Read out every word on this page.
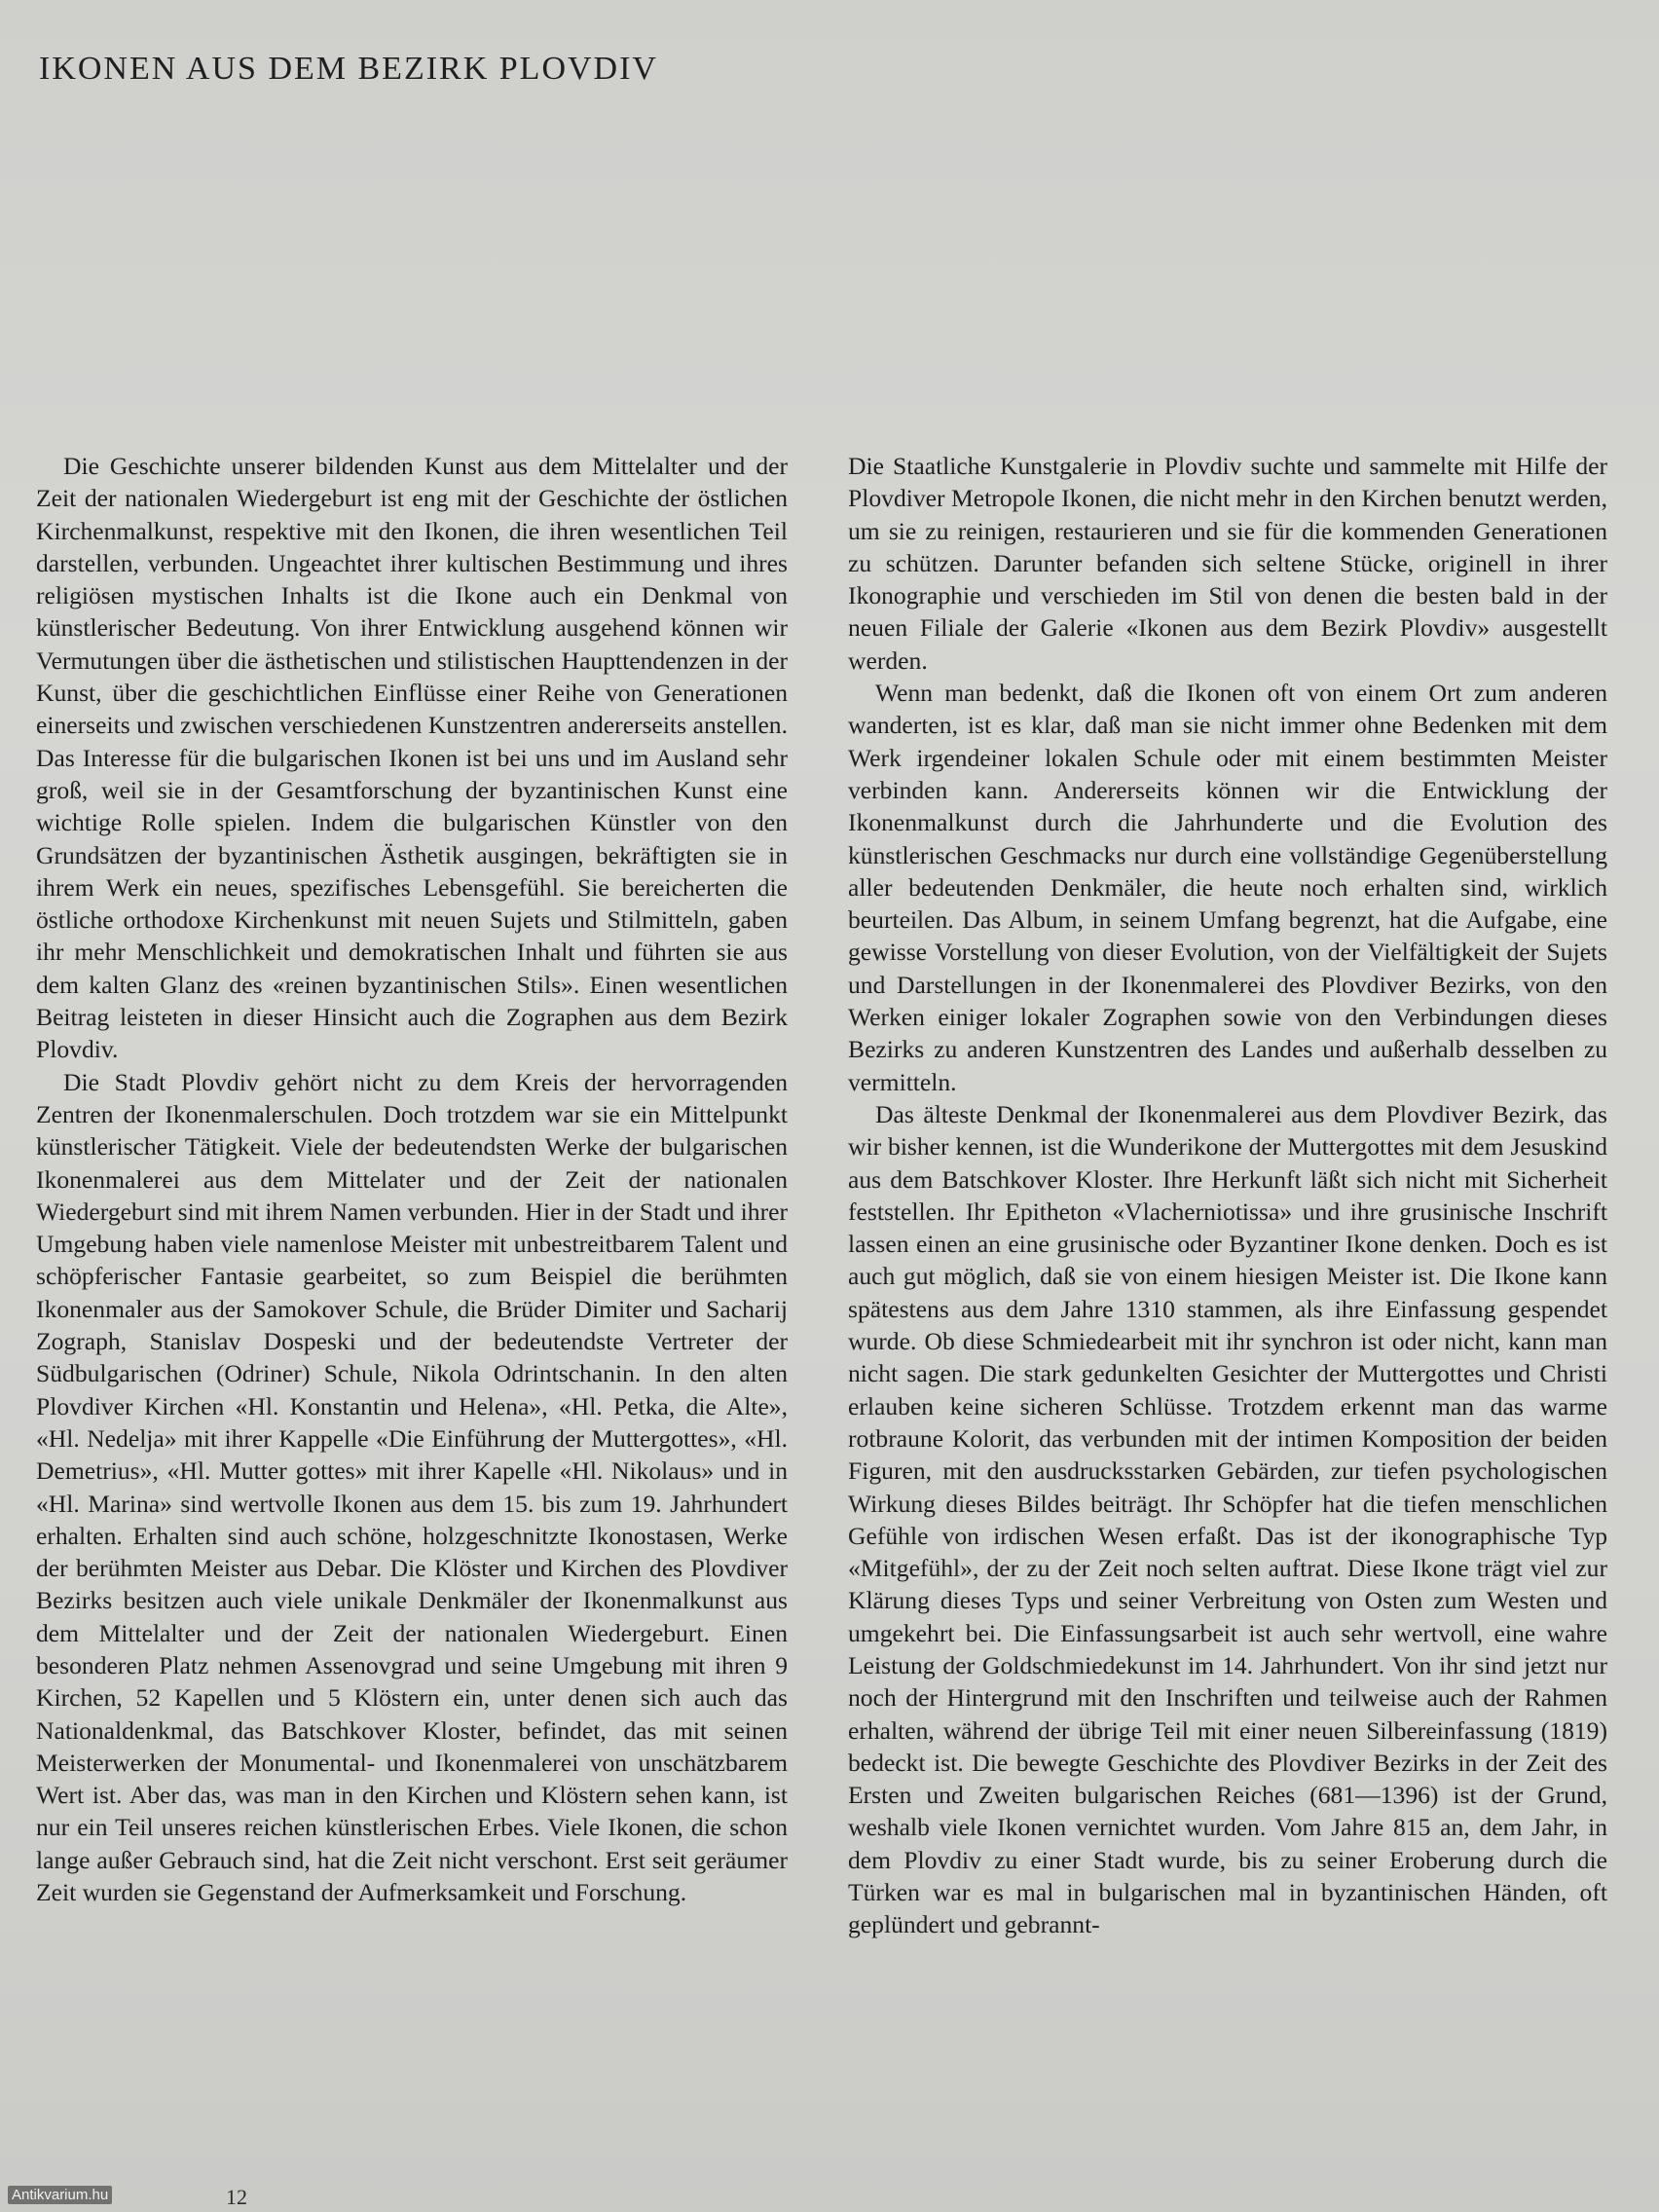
IKONEN AUS DEM BEZIRK PLOVDIV

Die Geschichte unserer bildenden Kunst aus dem Mittelalter und der Zeit der nationalen Wiedergeburt ist eng mit der Geschichte der östlichen Kirchenmalkunst, respektive mit den Ikonen, die ihren wesentlichen Teil darstellen, verbunden. Ungeachtet ihrer kultischen Bestimmung und ihres religiösen mystischen Inhalts ist die Ikone auch ein Denkmal von künstlerischer Bedeutung. Von ihrer Entwicklung ausgehend können wir Vermutungen über die ästhetischen und stilistischen Haupttendenzen in der Kunst, über die geschichtlichen Einflüsse einer Reihe von Generationen einerseits und zwischen verschiedenen Kunstzentren andererseits anstellen. Das Interesse für die bulgarischen Ikonen ist bei uns und im Ausland sehr groß, weil sie in der Gesamtforschung der byzantinischen Kunst eine wichtige Rolle spielen. Indem die bulgarischen Künstler von den Grundsätzen der byzantinischen Ästhetik ausgingen, bekräftigten sie in ihrem Werk ein neues, spezifisches Lebensgefühl. Sie bereicherten die östliche orthodoxe Kirchenkunst mit neuen Sujets und Stilmitteln, gaben ihr mehr Menschlichkeit und demokratischen Inhalt und führten sie aus dem kalten Glanz des «reinen byzantinischen Stils». Einen wesentlichen Beitrag leisteten in dieser Hinsicht auch die Zographen aus dem Bezirk Plovdiv.

Die Stadt Plovdiv gehört nicht zu dem Kreis der hervorragenden Zentren der Ikonenmalerschulen. Doch trotzdem war sie ein Mittelpunkt künstlerischer Tätigkeit. Viele der bedeutendsten Werke der bulgarischen Ikonenmalerei aus dem Mittelater und der Zeit der nationalen Wiedergeburt sind mit ihrem Namen verbunden. Hier in der Stadt und ihrer Umgebung haben viele namenlose Meister mit unbestreitbarem Talent und schöpferischer Fantasie gearbeitet, so zum Beispiel die berühmten Ikonenmaler aus der Samokover Schule, die Brüder Dimiter und Sacharij Zograph, Stanislav Dospeski und der bedeutendste Vertreter der Südbulgarischen (Odriner) Schule, Nikola Odrintschanin. In den alten Plovdiver Kirchen «Hl. Konstantin und Helena», «Hl. Petka, die Alte», «Hl. Nedelja» mit ihrer Kappelle «Die Einführung der Muttergottes», «Hl. Demetrius», «Hl. Mutter gottes» mit ihrer Kapelle «Hl. Nikolaus» und in «Hl. Marina» sind wertvolle Ikonen aus dem 15. bis zum 19. Jahrhundert erhalten. Erhalten sind auch schöne, holzgeschnitzte Ikonostasen, Werke der berühmten Meister aus Debar. Die Klöster und Kirchen des Plovdiver Bezirks besitzen auch viele unikale Denkmäler der Ikonenmalkunst aus dem Mittelalter und der Zeit der nationalen Wiedergeburt. Einen besonderen Platz nehmen Assenovgrad und seine Umgebung mit ihren 9 Kirchen, 52 Kapellen und 5 Klöstern ein, unter denen sich auch das Nationaldenkmal, das Batschkover Kloster, befindet, das mit seinen Meisterwerken der Monumental- und Ikonenmalerei von unschätzbarem Wert ist. Aber das, was man in den Kirchen und Klöstern sehen kann, ist nur ein Teil unseres reichen künstlerischen Erbes. Viele Ikonen, die schon lange außer Gebrauch sind, hat die Zeit nicht verschont. Erst seit geräumer Zeit wurden sie Gegenstand der Aufmerksamkeit und Forschung.

Die Staatliche Kunstgalerie in Plovdiv suchte und sammelte mit Hilfe der Plovdiver Metropole Ikonen, die nicht mehr in den Kirchen benutzt werden, um sie zu reinigen, restaurieren und sie für die kommenden Generationen zu schützen. Darunter befanden sich seltene Stücke, originell in ihrer Ikonographie und verschieden im Stil von denen die besten bald in der neuen Filiale der Galerie «Ikonen aus dem Bezirk Plovdiv» ausgestellt werden.

Wenn man bedenkt, daß die Ikonen oft von einem Ort zum anderen wanderten, ist es klar, daß man sie nicht immer ohne Bedenken mit dem Werk irgendeiner lokalen Schule oder mit einem bestimmten Meister verbinden kann. Andererseits können wir die Entwicklung der Ikonenmalkunst durch die Jahrhunderte und die Evolution des künstlerischen Geschmacks nur durch eine vollständige Gegenüberstellung aller bedeutenden Denkmäler, die heute noch erhalten sind, wirklich beurteilen. Das Album, in seinem Umfang begrenzt, hat die Aufgabe, eine gewisse Vorstellung von dieser Evolution, von der Vielfältigkeit der Sujets und Darstellungen in der Ikonenmalerei des Plovdiver Bezirks, von den Werken einiger lokaler Zographen sowie von den Verbindungen dieses Bezirks zu anderen Kunstzentren des Landes und außerhalb desselben zu vermitteln.

Das älteste Denkmal der Ikonenmalerei aus dem Plovdiver Bezirk, das wir bisher kennen, ist die Wunderikone der Muttergottes mit dem Jesuskind aus dem Batschkover Kloster. Ihre Herkunft läßt sich nicht mit Sicherheit feststellen. Ihr Epitheton «Vlacherniotissa» und ihre grusinische Inschrift lassen einen an eine grusinische oder Byzantiner Ikone denken. Doch es ist auch gut möglich, daß sie von einem hiesigen Meister ist. Die Ikone kann spätestens aus dem Jahre 1310 stammen, als ihre Einfassung gespendet wurde. Ob diese Schmiedearbeit mit ihr synchron ist oder nicht, kann man nicht sagen. Die stark gedunkelten Gesichter der Muttergottes und Christi erlauben keine sicheren Schlüsse. Trotzdem erkennt man das warme rotbraune Kolorit, das verbunden mit der intimen Komposition der beiden Figuren, mit den ausdrucksstarken Gebärden, zur tiefen psychologischen Wirkung dieses Bildes beiträgt. Ihr Schöpfer hat die tiefen menschlichen Gefühle von irdischen Wesen erfaßt. Das ist der ikonographische Typ «Mitgefühl», der zu der Zeit noch selten auftrat. Diese Ikone trägt viel zur Klärung dieses Typs und seiner Verbreitung von Osten zum Westen und umgekehrt bei. Die Einfassungsarbeit ist auch sehr wertvoll, eine wahre Leistung der Goldschmiedekunst im 14. Jahrhundert. Von ihr sind jetzt nur noch der Hintergrund mit den Inschriften und teilweise auch der Rahmen erhalten, während der übrige Teil mit einer neuen Silbereinfassung (1819) bedeckt ist. Die bewegte Geschichte des Plovdiver Bezirks in der Zeit des Ersten und Zweiten bulgarischen Reiches (681—1396) ist der Grund, weshalb viele Ikonen vernichtet wurden. Vom Jahre 815 an, dem Jahr, in dem Plovdiv zu einer Stadt wurde, bis zu seiner Eroberung durch die Türken war es mal in bulgarischen mal in byzantinischen Händen, oft geplündert und gebrannt-

12
Antikvarium.hu
